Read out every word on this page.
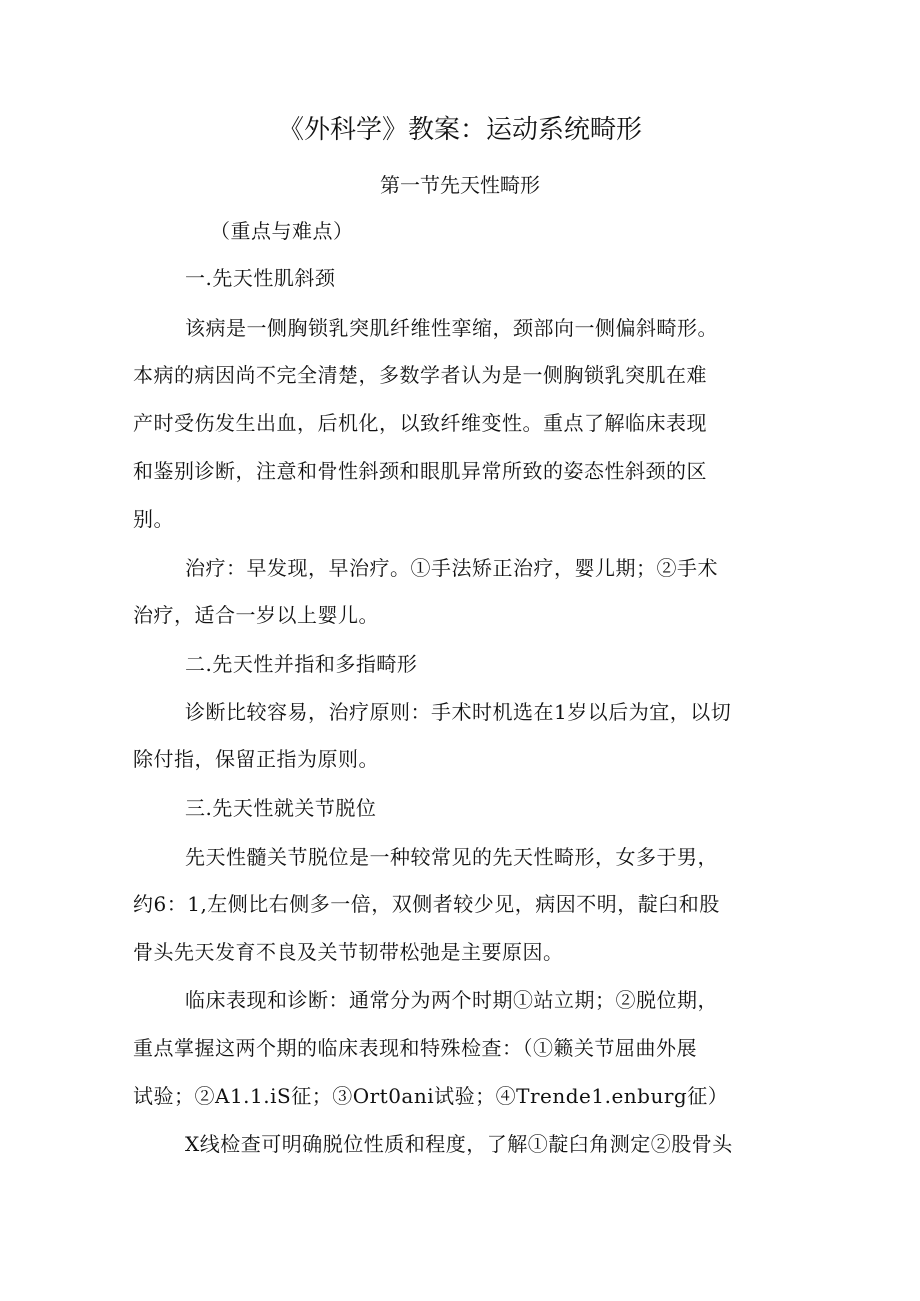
《外科学》教案：运动系统畸形
第一节先天性畸形
（重点与难点）
一.先天性肌斜颈
该病是一侧胸锁乳突肌纤维性挛缩，颈部向一侧偏斜畸形。
本病的病因尚不完全清楚，多数学者认为是一侧胸锁乳突肌在难
产时受伤发生出血，后机化，以致纤维变性。重点了解临床表现
和鉴别诊断，注意和骨性斜颈和眼肌异常所致的姿态性斜颈的区
别。
治疗：早发现，早治疗。①手法矫正治疗，婴儿期；②手术
治疗，适合一岁以上婴儿。
二.先天性并指和多指畸形
诊断比较容易，治疗原则：手术时机选在1岁以后为宜，以切
除付指，保留正指为原则。
三.先天性就关节脱位
先天性髓关节脱位是一种较常见的先天性畸形，女多于男，
约6：1,左侧比右侧多一倍，双侧者较少见，病因不明，靛臼和股
骨头先天发育不良及关节韧带松弛是主要原因。
临床表现和诊断：通常分为两个时期①站立期；②脱位期，
重点掌握这两个期的临床表现和特殊检查：（①籁关节屈曲外展
试验；②A1.1.iS征；③Ort0ani试验；④Trende1.enburg征）
X线检查可明确脱位性质和程度，了解①靛臼角测定②股骨头
